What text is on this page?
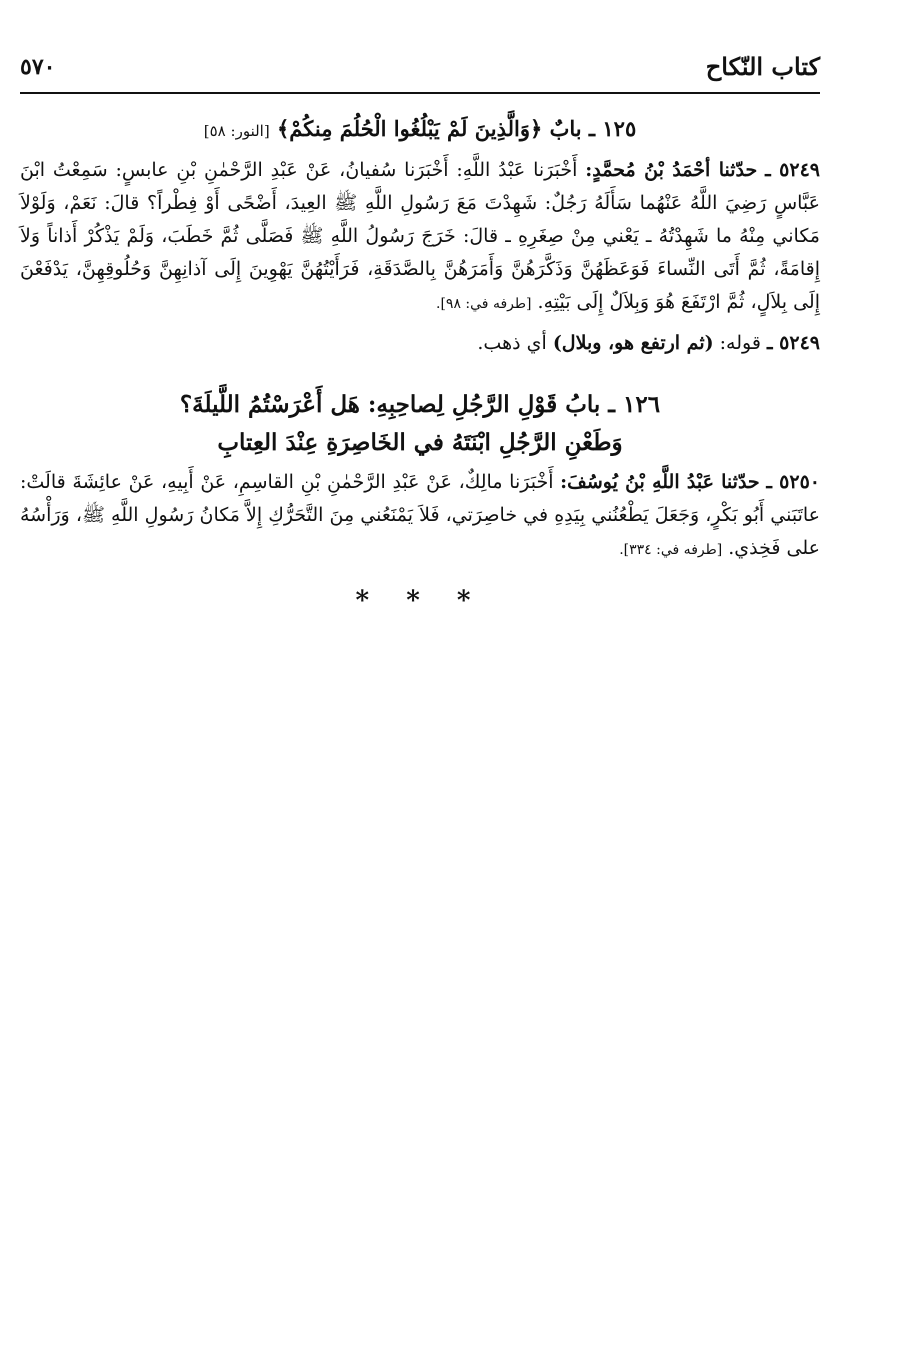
كتاب النّكاح
٥٧٠
١٢٥ ـ بابٌ ﴿وَالَّذِينَ لَمْ يَبْلُغُوا الْحُلُمَ مِنكُمْ﴾ [النور: ٥٨]

٥٢٤٩ ـ حدّثنا أحْمَدُ بْنُ مُحمَّدٍ: أَخْبَرَنا عَبْدُ اللَّهِ: أَخْبَرَنا سُفيانُ، عَنْ عَبْدِ الرَّحْمٰنِ بْنِ عابسٍ: سَمِعْتُ ابْنَ عَبَّاسٍ رَضِيَ اللَّهُ عَنْهُما سَأَلَهُ رَجُلٌ: شَهِدْتَ مَعَ رَسُولِ اللَّهِ ﷺ العِيدَ، أَضْحًى أَوْ فِطْراً؟ قالَ: نَعَمْ، وَلَوْلاَ مَكاني مِنْهُ ما شَهِدْتُهُ ـ يَعْني مِنْ صِغَرِهِ ـ قالَ: خَرَجَ رَسُولُ اللَّهِ ﷺ فَصَلَّى ثُمَّ خَطَبَ، وَلَمْ يَذْكُرْ أَذاناً وَلاَ إِقامَةً، ثُمَّ أَتَى النِّساءَ فَوَعَظَهُنَّ وَذَكَّرَهُنَّ وَأَمَرَهُنَّ بِالصَّدَقَةِ، فَرَأَيْتُهُنَّ يَهْوِينَ إِلَى آذانِهِنَّ وَحُلُوقِهِنَّ، يَدْفَعْنَ إِلَى بِلاَلٍ، ثُمَّ ارْتَفَعَ هُوَ وَبِلاَلٌ إِلَى بَيْتِهِ. [طرفه في: ٩٨].

٥٢٤٩ ـ قوله: (ثم ارتفع هو، وبلال) أي ذهب.

١٢٦ ـ بابُ قَوْلِ الرَّجُلِ لِصاحِبِهِ: هَل أَعْرَسْتُمُ اللَّيلَةَ؟
وَطَعْنِ الرَّجُلِ ابْنَتَهُ في الخَاصِرَةِ عِنْدَ العِتابِ

٥٢٥٠ ـ حدّثنا عَبْدُ اللَّهِ بْنُ يُوسُفَ: أَخْبَرَنا مالِكٌ، عَنْ عَبْدِ الرَّحْمٰنِ بْنِ القاسِمِ، عَنْ أَبِيهِ، عَنْ عائِشَةَ قالَتْ: عاتَبَني أَبُو بَكْرٍ، وَجَعَلَ يَطْعُنُني بِيَدِهِ في خاصِرَتي، فَلاَ يَمْنَعُني مِنَ التَّحَرُّكِ إِلاَّ مَكانُ رَسُولِ اللَّهِ ﷺ، وَرَأْسُهُ على فَخِذي. [طرفه في: ٣٣٤].

* * *
